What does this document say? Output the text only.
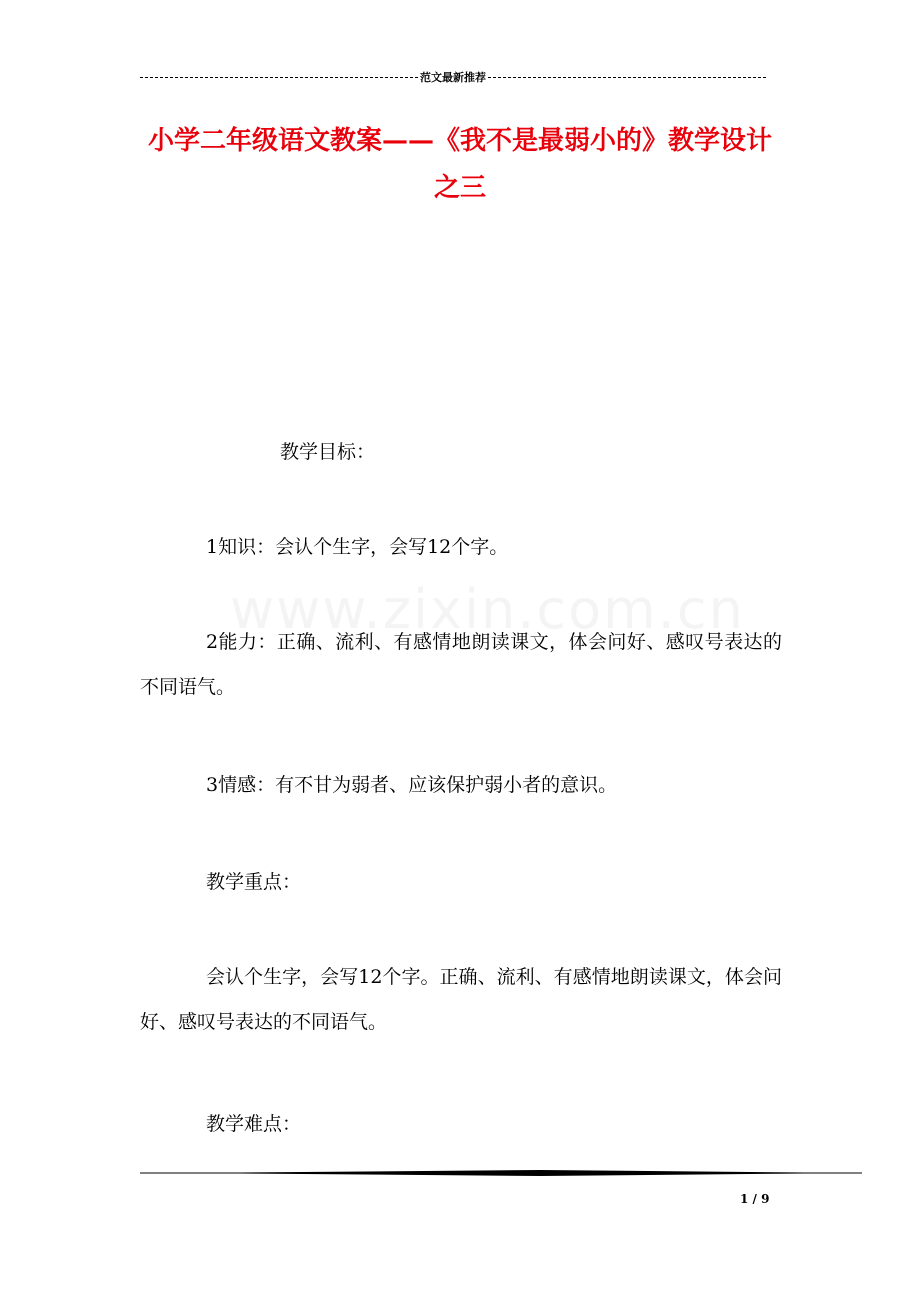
范文最新推荐
小学二年级语文教案——《我不是最弱小的》教学设计之三
教学目标：
1知识：会认个生字，会写12个字。
2能力：正确、流利、有感情地朗读课文，体会问好、感叹号表达的不同语气。
3情感：有不甘为弱者、应该保护弱小者的意识。
教学重点：
会认个生字，会写12个字。正确、流利、有感情地朗读课文，体会问好、感叹号表达的不同语气。
教学难点：
1 / 9
